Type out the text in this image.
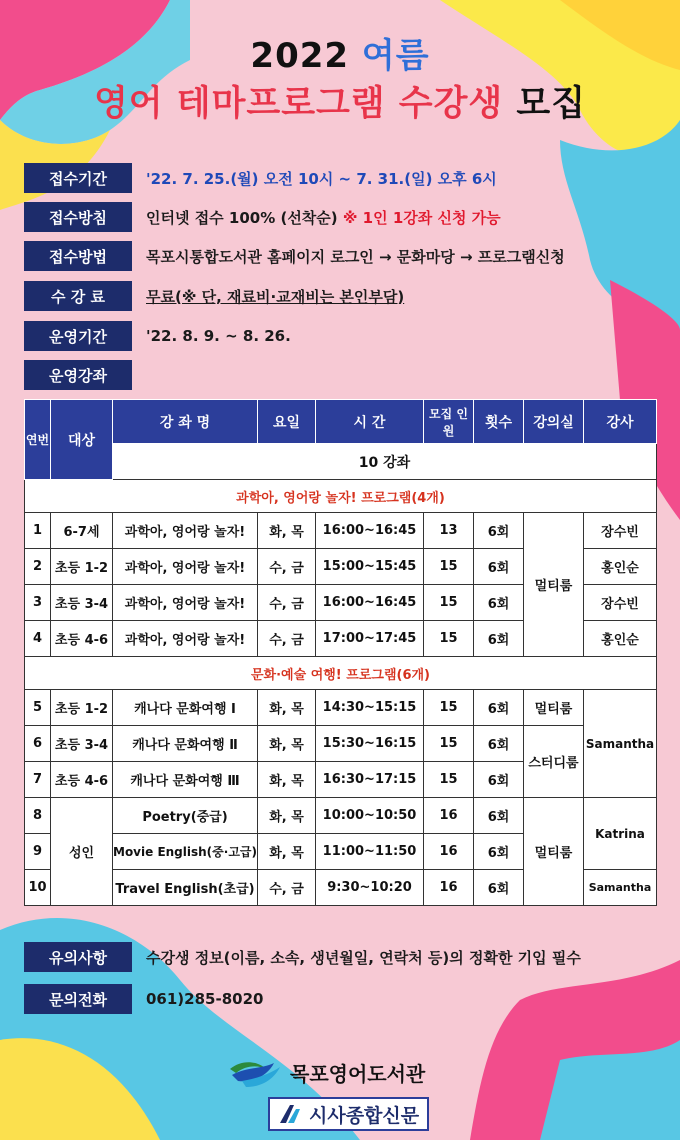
2022 여름
영어 테마프로그램 수강생 모집
접수기간	'22. 7. 25.(월) 오전 10시 ~ 7. 31.(일) 오후 6시
접수방침	인터넷 접수 100% (선착순) ※ 1인 1강좌 신청 가능
접수방법	목포시통합도서관 홈페이지 로그인 → 문화마당 → 프로그램신청
수 강 료	무료(※ 단, 재료비·교재비는 본인부담)
운영기간	'22. 8. 9. ~ 8. 26.
운영강좌
연번	대상	강 좌 명	요일	시 간	모집 인원	횟수	강의실	강사
		10 강좌						
과학아, 영어랑 놀자! 프로그램(4개)								
1	6-7세	과학아, 영어랑 놀자!	화, 목	16:00~16:45	13	6회	멀티룸	장수빈
2	초등 1-2	과학아, 영어랑 놀자!	수, 금	15:00~15:45	15	6회		홍인순
3	초등 3-4	과학아, 영어랑 놀자!	수, 금	16:00~16:45	15	6회		장수빈
4	초등 4-6	과학아, 영어랑 놀자!	수, 금	17:00~17:45	15	6회		홍인순
문화·예술 여행! 프로그램(6개)								
5	초등 1-2	캐나다 문화여행 Ⅰ	화, 목	14:30~15:15	15	6회	멀티룸	Samantha
6	초등 3-4	캐나다 문화여행 Ⅱ	화, 목	15:30~16:15	15	6회	스터디룸	
7	초등 4-6	캐나다 문화여행 Ⅲ	화, 목	16:30~17:15	15	6회		
8	성인	Poetry(중급)	화, 목	10:00~10:50	16	6회	멀티룸	Katrina
9		Movie English(중·고급)	화, 목	11:00~11:50	16	6회		
10		Travel English(초급)	수, 금	9:30~10:20	16	6회		Samantha
유의사항	수강생 정보(이름, 소속, 생년월일, 연락처 등)의 정확한 기입 필수
문의전화	061)285-8020
목포영어도서관
시사종합신문
